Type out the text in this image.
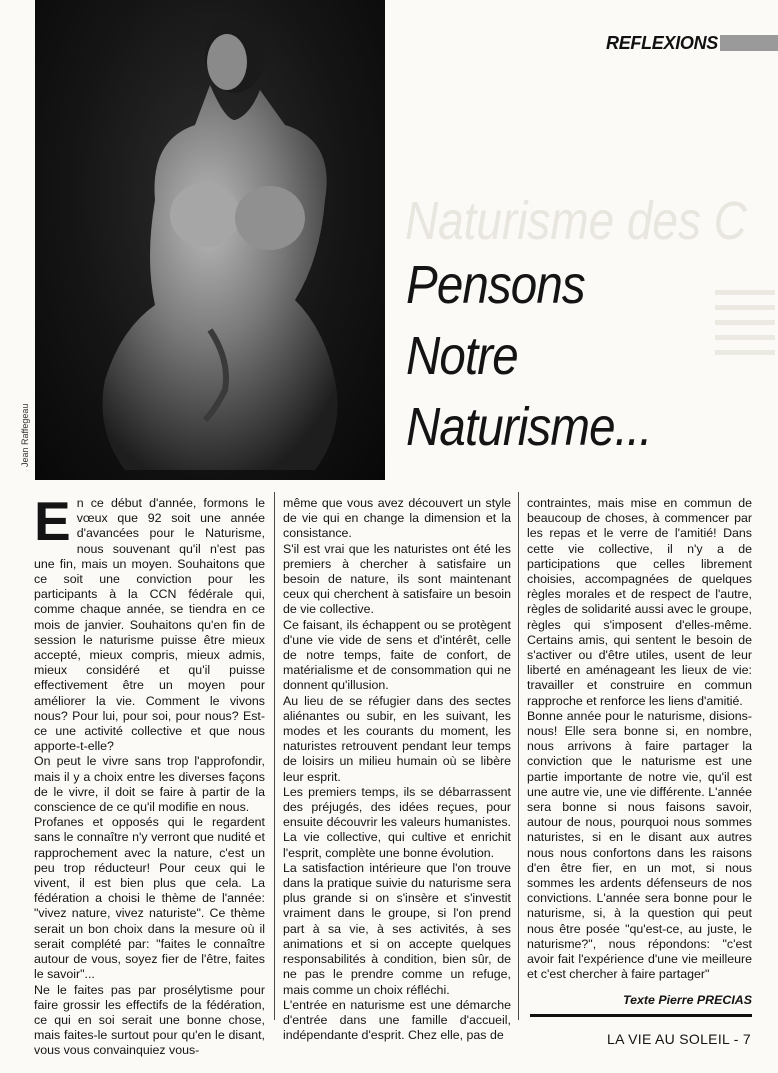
Jean Raffegeau
REFLEXIONS
Naturisme des C
Pensons
Notre
Naturisme...

En ce début d'année, formons le vœux que 92 soit une année d'avancées pour le Naturisme, nous souvenant qu'il n'est pas une fin, mais un moyen. Souhaitons que ce soit une conviction pour les participants à la CCN fédérale qui, comme chaque année, se tiendra en ce mois de janvier. Souhaitons qu'en fin de session le naturisme puisse être mieux accepté, mieux compris, mieux admis, mieux considéré et qu'il puisse effectivement être un moyen pour améliorer la vie. Comment le vivons nous? Pour lui, pour soi, pour nous? Est-ce une activité collective et que nous apporte-t-elle?

On peut le vivre sans trop l'approfondir, mais il y a choix entre les diverses façons de le vivre, il doit se faire à partir de la conscience de ce qu'il modifie en nous.

Profanes et opposés qui le regardent sans le connaître n'y verront que nudité et rapprochement avec la nature, c'est un peu trop réducteur! Pour ceux qui le vivent, il est bien plus que cela. La fédération a choisi le thème de l'année: "vivez nature, vivez naturiste". Ce thème serait un bon choix dans la mesure où il serait complété par: "faites le connaître autour de vous, soyez fier de l'être, faites le savoir"...

Ne le faites pas par prosélytisme pour faire grossir les effectifs de la fédération, ce qui en soi serait une bonne chose, mais faites-le surtout pour qu'en le disant, vous vous convainquiez vous-

même que vous avez découvert un style de vie qui en change la dimension et la consistance.

S'il est vrai que les naturistes ont été les premiers à chercher à satisfaire un besoin de nature, ils sont maintenant ceux qui cherchent à satisfaire un besoin de vie collective.

Ce faisant, ils échappent ou se protègent d'une vie vide de sens et d'intérêt, celle de notre temps, faite de confort, de matérialisme et de consommation qui ne donnent qu'illusion.

Au lieu de se réfugier dans des sectes aliénantes ou subir, en les suivant, les modes et les courants du moment, les naturistes retrouvent pendant leur temps de loisirs un milieu humain où se libère leur esprit.

Les premiers temps, ils se débarrassent des préjugés, des idées reçues, pour ensuite découvrir les valeurs humanistes. La vie collective, qui cultive et enrichit l'esprit, complète une bonne évolution.

La satisfaction intérieure que l'on trouve dans la pratique suivie du naturisme sera plus grande si on s'insère et s'investit vraiment dans le groupe, si l'on prend part à sa vie, à ses activités, à ses animations et si on accepte quelques responsabilités à condition, bien sûr, de ne pas le prendre comme un refuge, mais comme un choix réfléchi.

L'entrée en naturisme est une démarche d'entrée dans une famille d'accueil, indépendante d'esprit. Chez elle, pas de

contraintes, mais mise en commun de beaucoup de choses, à commencer par les repas et le verre de l'amitié! Dans cette vie collective, il n'y a de participations que celles librement choisies, accompagnées de quelques règles morales et de respect de l'autre, règles de solidarité aussi avec le groupe, règles qui s'imposent d'elles-même. Certains amis, qui sentent le besoin de s'activer ou d'être utiles, usent de leur liberté en aménageant les lieux de vie: travailler et construire en commun rapproche et renforce les liens d'amitié.

Bonne année pour le naturisme, disions-nous! Elle sera bonne si, en nombre, nous arrivons à faire partager la conviction que le naturisme est une partie importante de notre vie, qu'il est une autre vie, une vie différente. L'année sera bonne si nous faisons savoir, autour de nous, pourquoi nous sommes naturistes, si en le disant aux autres nous nous confortons dans les raisons d'en être fier, en un mot, si nous sommes les ardents défenseurs de nos convictions. L'année sera bonne pour le naturisme, si, à la question qui peut nous être posée "qu'est-ce, au juste, le naturisme?", nous répondons: "c'est avoir fait l'expérience d'une vie meilleure et c'est chercher à faire partager"

Texte Pierre PRECIAS

LA VIE AU SOLEIL - 7
